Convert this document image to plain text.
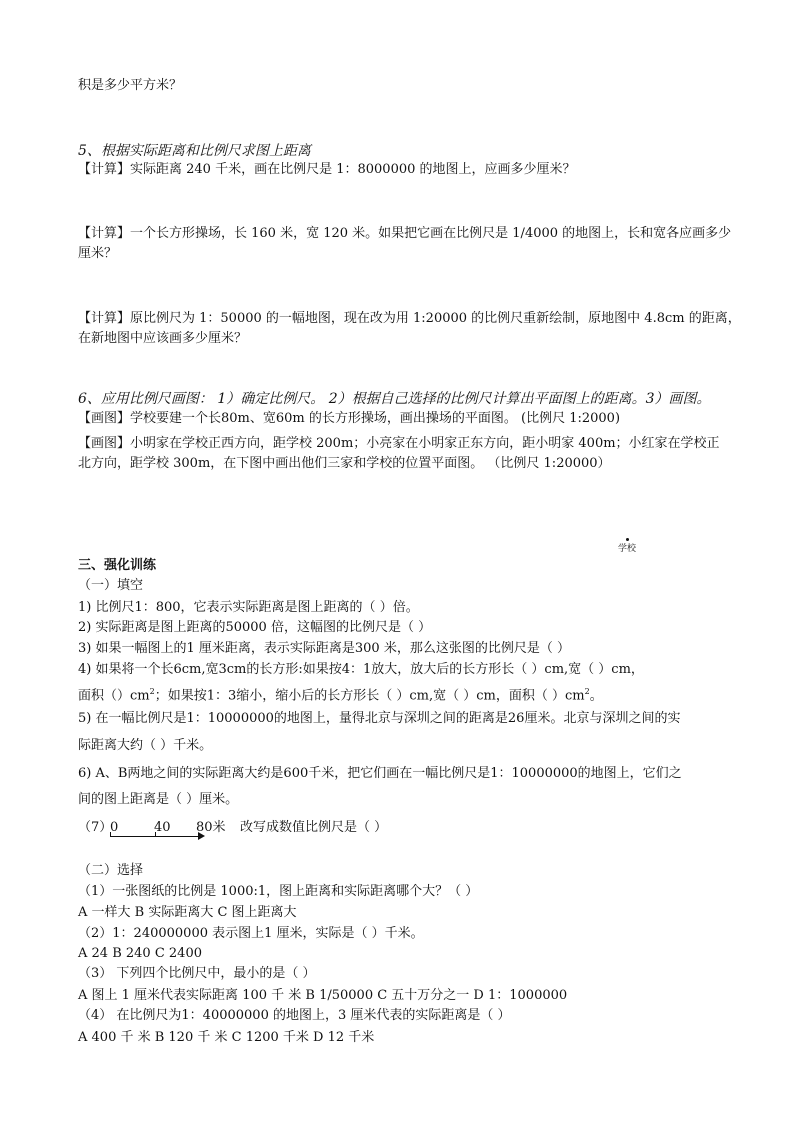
积是多少平方米？
5、根据实际距离和比例尺求图上距离
【计算】实际距离 240 千米，画在比例尺是 1：8000000 的地图上，应画多少厘米？
【计算】一个长方形操场，长 160 米，宽 120 米。如果把它画在比例尺是 1/4000 的地图上，长和宽各应画多少
厘米？
【计算】原比例尺为 1：50000 的一幅地图，现在改为用 1:20000 的比例尺重新绘制，原地图中 4.8cm 的距离，
在新地图中应该画多少厘米？
6、应用比例尺画图： 1）确定比例尺。 2）根据自己选择的比例尺计算出平面图上的距离。3）画图。
【画图】学校要建一个长80m、宽60m 的长方形操场，画出操场的平面图。 (比例尺 1:2000)
【画图】小明家在学校正西方向，距学校 200m；小亮家在小明家正东方向，距小明家 400m；小红家在学校正
北方向，距学校 300m，在下图中画出他们三家和学校的位置平面图。 （比例尺 1:20000）
学校
三、强化训练
（一）填空
1) 比例尺1：800，它表示实际距离是图上距离的（ ）倍。
2) 实际距离是图上距离的50000 倍，这幅图的比例尺是（ ）
3) 如果一幅图上的1 厘米距离，表示实际距离是300 米，那么这张图的比例尺是（ ）
4) 如果将一个长6cm,宽3cm的长方形:如果按4：1放大，放大后的长方形长（ ）cm,宽（ ）cm，
面积$()cm^2$；如果按1：3缩小，缩小后的长方形长（ ）cm,宽（ ）cm，面积（ ）$cm^2$。
5) 在一幅比例尺是1：10000000的地图上，量得北京与深圳之间的距离是26厘米。北京与深圳之间的实
际距离大约（ ）千米。
6) A、B两地之间的实际距离大约是600千米，把它们画在一幅比例尺是1：10000000的地图上，它们之
间的图上距离是（ ）厘米。
（7）
0	40 80米 改写成数值比例尺是（ ）
（二）选择
（1）一张图纸的比例是 1000:1，图上距离和实际距离哪个大？（ ）
A 一样大 B 实际距离大 C 图上距离大
（2）1：240000000 表示图上1 厘米，实际是（ ）千米。
A 24 B 240 C 2400
（3） 下列四个比例尺中，最小的是（ ）
A 图上 1 厘米代表实际距离 100 千 米 B 1/50000 C 五十万分之一 D 1：1000000
（4） 在比例尺为1：40000000 的地图上，3 厘米代表的实际距离是（ ）
A 400 千 米 B 120 千 米 C 1200 千米 D 12 千米
